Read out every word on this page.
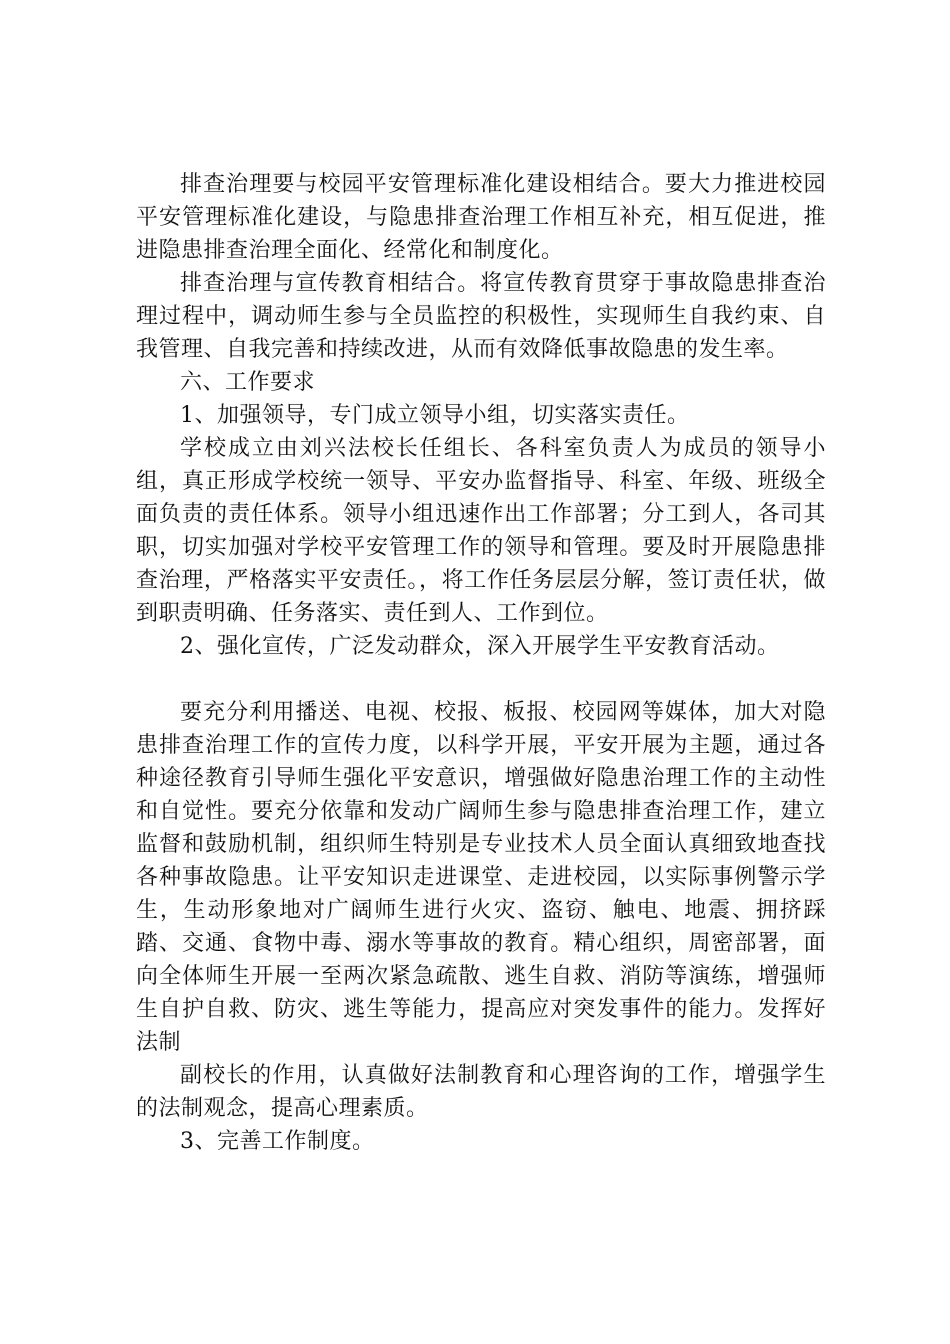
排查治理要与校园平安管理标准化建设相结合。要大力推进校园平安管理标准化建设，与隐患排查治理工作相互补充，相互促进，推进隐患排查治理全面化、经常化和制度化。

排查治理与宣传教育相结合。将宣传教育贯穿于事故隐患排查治理过程中，调动师生参与全员监控的积极性，实现师生自我约束、自我管理、自我完善和持续改进，从而有效降低事故隐患的发生率。

六、工作要求

1、加强领导，专门成立领导小组，切实落实责任。

学校成立由刘兴法校长任组长、各科室负责人为成员的领导小组，真正形成学校统一领导、平安办监督指导、科室、年级、班级全面负责的责任体系。领导小组迅速作出工作部署；分工到人，各司其职，切实加强对学校平安管理工作的领导和管理。要及时开展隐患排查治理，严格落实平安责任。，将工作任务层层分解，签订责任状，做到职责明确、任务落实、责任到人、工作到位。

2、强化宣传，广泛发动群众，深入开展学生平安教育活动。

要充分利用播送、电视、校报、板报、校园网等媒体，加大对隐患排查治理工作的宣传力度，以科学开展，平安开展为主题，通过各种途径教育引导师生强化平安意识，增强做好隐患治理工作的主动性和自觉性。要充分依靠和发动广阔师生参与隐患排查治理工作，建立监督和鼓励机制，组织师生特别是专业技术人员全面认真细致地查找各种事故隐患。让平安知识走进课堂、走进校园，以实际事例警示学生，生动形象地对广阔师生进行火灾、盗窃、触电、地震、拥挤踩踏、交通、食物中毒、溺水等事故的教育。精心组织，周密部署，面向全体师生开展一至两次紧急疏散、逃生自救、消防等演练，增强师生自护自救、防灾、逃生等能力，提高应对突发事件的能力。发挥好法制

副校长的作用，认真做好法制教育和心理咨询的工作，增强学生的法制观念，提高心理素质。

3、完善工作制度。
